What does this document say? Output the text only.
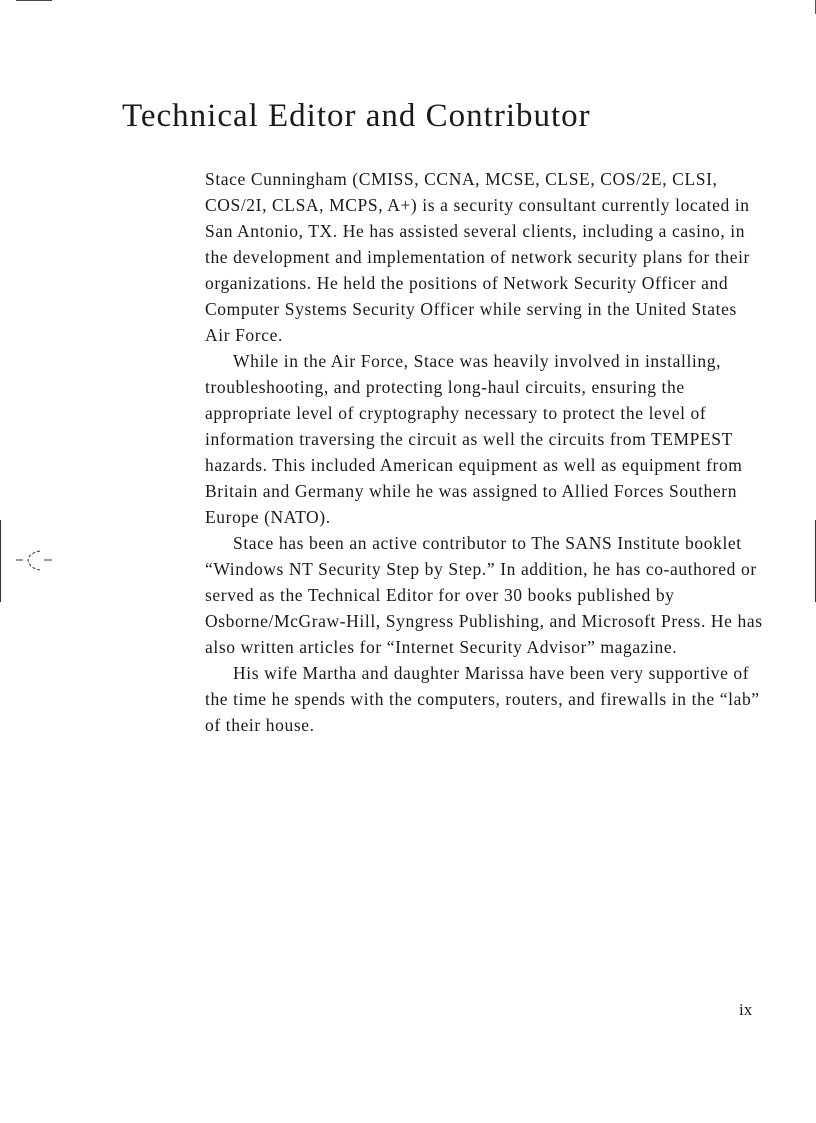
Technical Editor and Contributor

Stace Cunningham (CMISS, CCNA, MCSE, CLSE, COS/2E, CLSI, COS/2I, CLSA, MCPS, A+) is a security consultant currently located in San Antonio, TX. He has assisted several clients, including a casino, in the development and implementation of network security plans for their organizations. He held the positions of Network Security Officer and Computer Systems Security Officer while serving in the United States Air Force.

While in the Air Force, Stace was heavily involved in installing, troubleshooting, and protecting long-haul circuits, ensuring the appropriate level of cryptography necessary to protect the level of information traversing the circuit as well the circuits from TEMPEST hazards. This included American equipment as well as equipment from Britain and Germany while he was assigned to Allied Forces Southern Europe (NATO).

Stace has been an active contributor to The SANS Institute booklet “Windows NT Security Step by Step.” In addition, he has co-authored or served as the Technical Editor for over 30 books published by Osborne/McGraw-Hill, Syngress Publishing, and Microsoft Press. He has also written articles for “Internet Security Advisor” magazine.

His wife Martha and daughter Marissa have been very supportive of the time he spends with the computers, routers, and firewalls in the “lab” of their house.

ix
